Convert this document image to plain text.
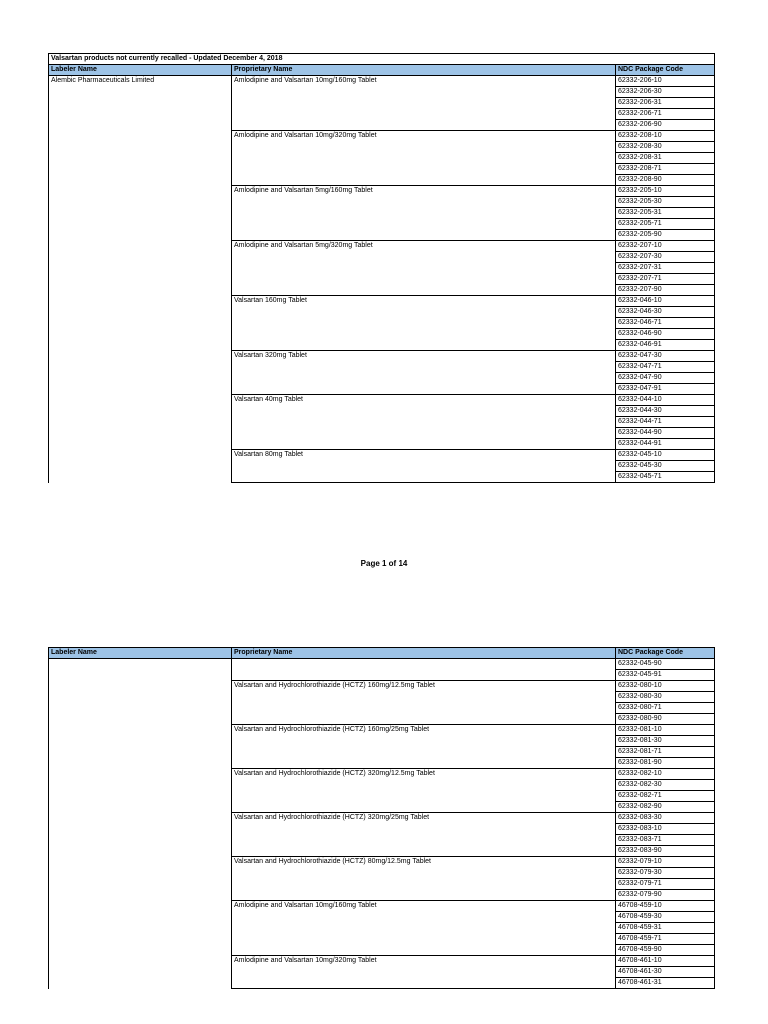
Valsartan products not currently recalled - Updated December 4, 2018		
Labeler Name	Proprietary Name	NDC Package Code
Alembic Pharmaceuticals Limited	Amlodipine and Valsartan 10mg/160mg Tablet	62332-206-10
		62332-206-30
		62332-206-31
		62332-206-71
		62332-206-90
	Amlodipine and Valsartan 10mg/320mg Tablet	62332-208-10
		62332-208-30
		62332-208-31
		62332-208-71
		62332-208-90
	Amlodipine and Valsartan 5mg/160mg Tablet	62332-205-10
		62332-205-30
		62332-205-31
		62332-205-71
		62332-205-90
	Amlodipine and Valsartan 5mg/320mg Tablet	62332-207-10
		62332-207-30
		62332-207-31
		62332-207-71
		62332-207-90
	Valsartan 160mg Tablet	62332-046-10
		62332-046-30
		62332-046-71
		62332-046-90
		62332-046-91
	Valsartan 320mg Tablet	62332-047-30
		62332-047-71
		62332-047-90
		62332-047-91
	Valsartan 40mg Tablet	62332-044-10
		62332-044-30
		62332-044-71
		62332-044-90
		62332-044-91
	Valsartan 80mg Tablet	62332-045-10
		62332-045-30
		62332-045-71
Page 1 of 14
Labeler Name	Proprietary Name	NDC Package Code
		62332-045-90
		62332-045-91
	Valsartan and Hydrochlorothiazide (HCTZ) 160mg/12.5mg Tablet	62332-080-10
		62332-080-30
		62332-080-71
		62332-080-90
	Valsartan and Hydrochlorothiazide (HCTZ) 160mg/25mg Tablet	62332-081-10
		62332-081-30
		62332-081-71
		62332-081-90
	Valsartan and Hydrochlorothiazide (HCTZ) 320mg/12.5mg Tablet	62332-082-10
		62332-082-30
		62332-082-71
		62332-082-90
	Valsartan and Hydrochlorothiazide (HCTZ) 320mg/25mg Tablet	62332-083-30
		62332-083-10
		62332-083-71
		62332-083-90
	Valsartan and Hydrochlorothiazide (HCTZ) 80mg/12.5mg Tablet	62332-079-10
		62332-079-30
		62332-079-71
		62332-079-90
	Amlodipine and Valsartan 10mg/160mg Tablet	46708-459-10
		46708-459-30
		46708-459-31
		46708-459-71
		46708-459-90
	Amlodipine and Valsartan 10mg/320mg Tablet	46708-461-10
		46708-461-30
		46708-461-31
